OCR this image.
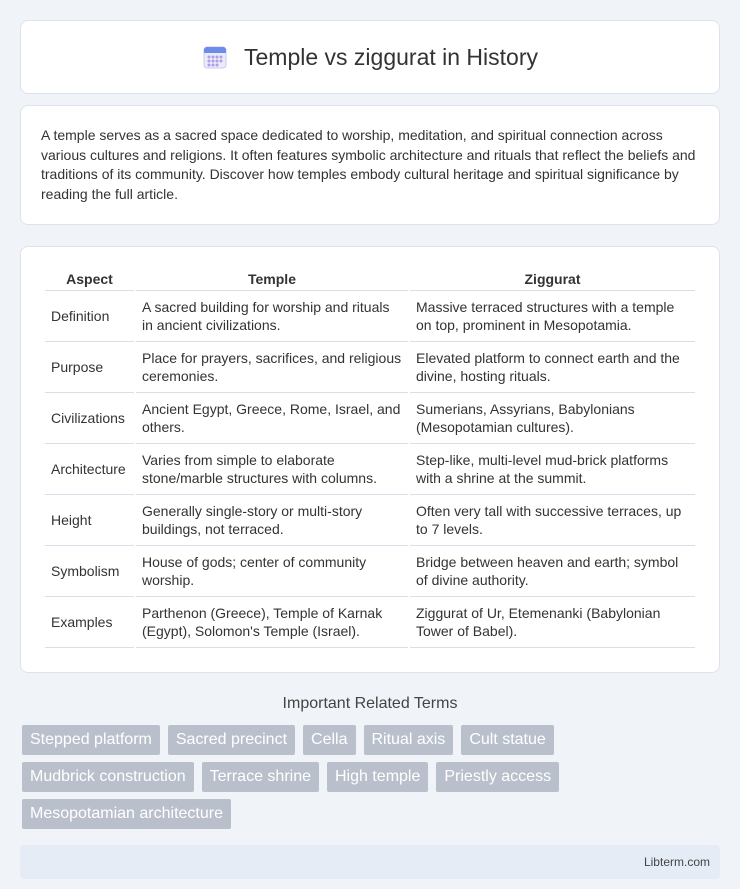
Temple vs ziggurat in History

A temple serves as a sacred space dedicated to worship, meditation, and spiritual connection across various cultures and religions. It often features symbolic architecture and rituals that reflect the beliefs and traditions of its community. Discover how temples embody cultural heritage and spiritual significance by reading the full article.

Aspect	Temple	Ziggurat
Definition	A sacred building for worship and rituals in ancient civilizations.	Massive terraced structures with a temple on top, prominent in Mesopotamia.
Purpose	Place for prayers, sacrifices, and religious ceremonies.	Elevated platform to connect earth and the divine, hosting rituals.
Civilizations	Ancient Egypt, Greece, Rome, Israel, and others.	Sumerians, Assyrians, Babylonians (Mesopotamian cultures).
Architecture	Varies from simple to elaborate stone/marble structures with columns.	Step-like, multi-level mud-brick platforms with a shrine at the summit.
Height	Generally single-story or multi-story buildings, not terraced.	Often very tall with successive terraces, up to 7 levels.
Symbolism	House of gods; center of community worship.	Bridge between heaven and earth; symbol of divine authority.
Examples	Parthenon (Greece), Temple of Karnak (Egypt), Solomon's Temple (Israel).	Ziggurat of Ur, Etemenanki (Babylonian Tower of Babel).
Important Related Terms
Stepped platform	Sacred precinct	Cella	Ritual axis	Cult statue
Mudbrick construction	Terrace shrine	High temple	Priestly access
Mesopotamian architecture
Libterm.com
